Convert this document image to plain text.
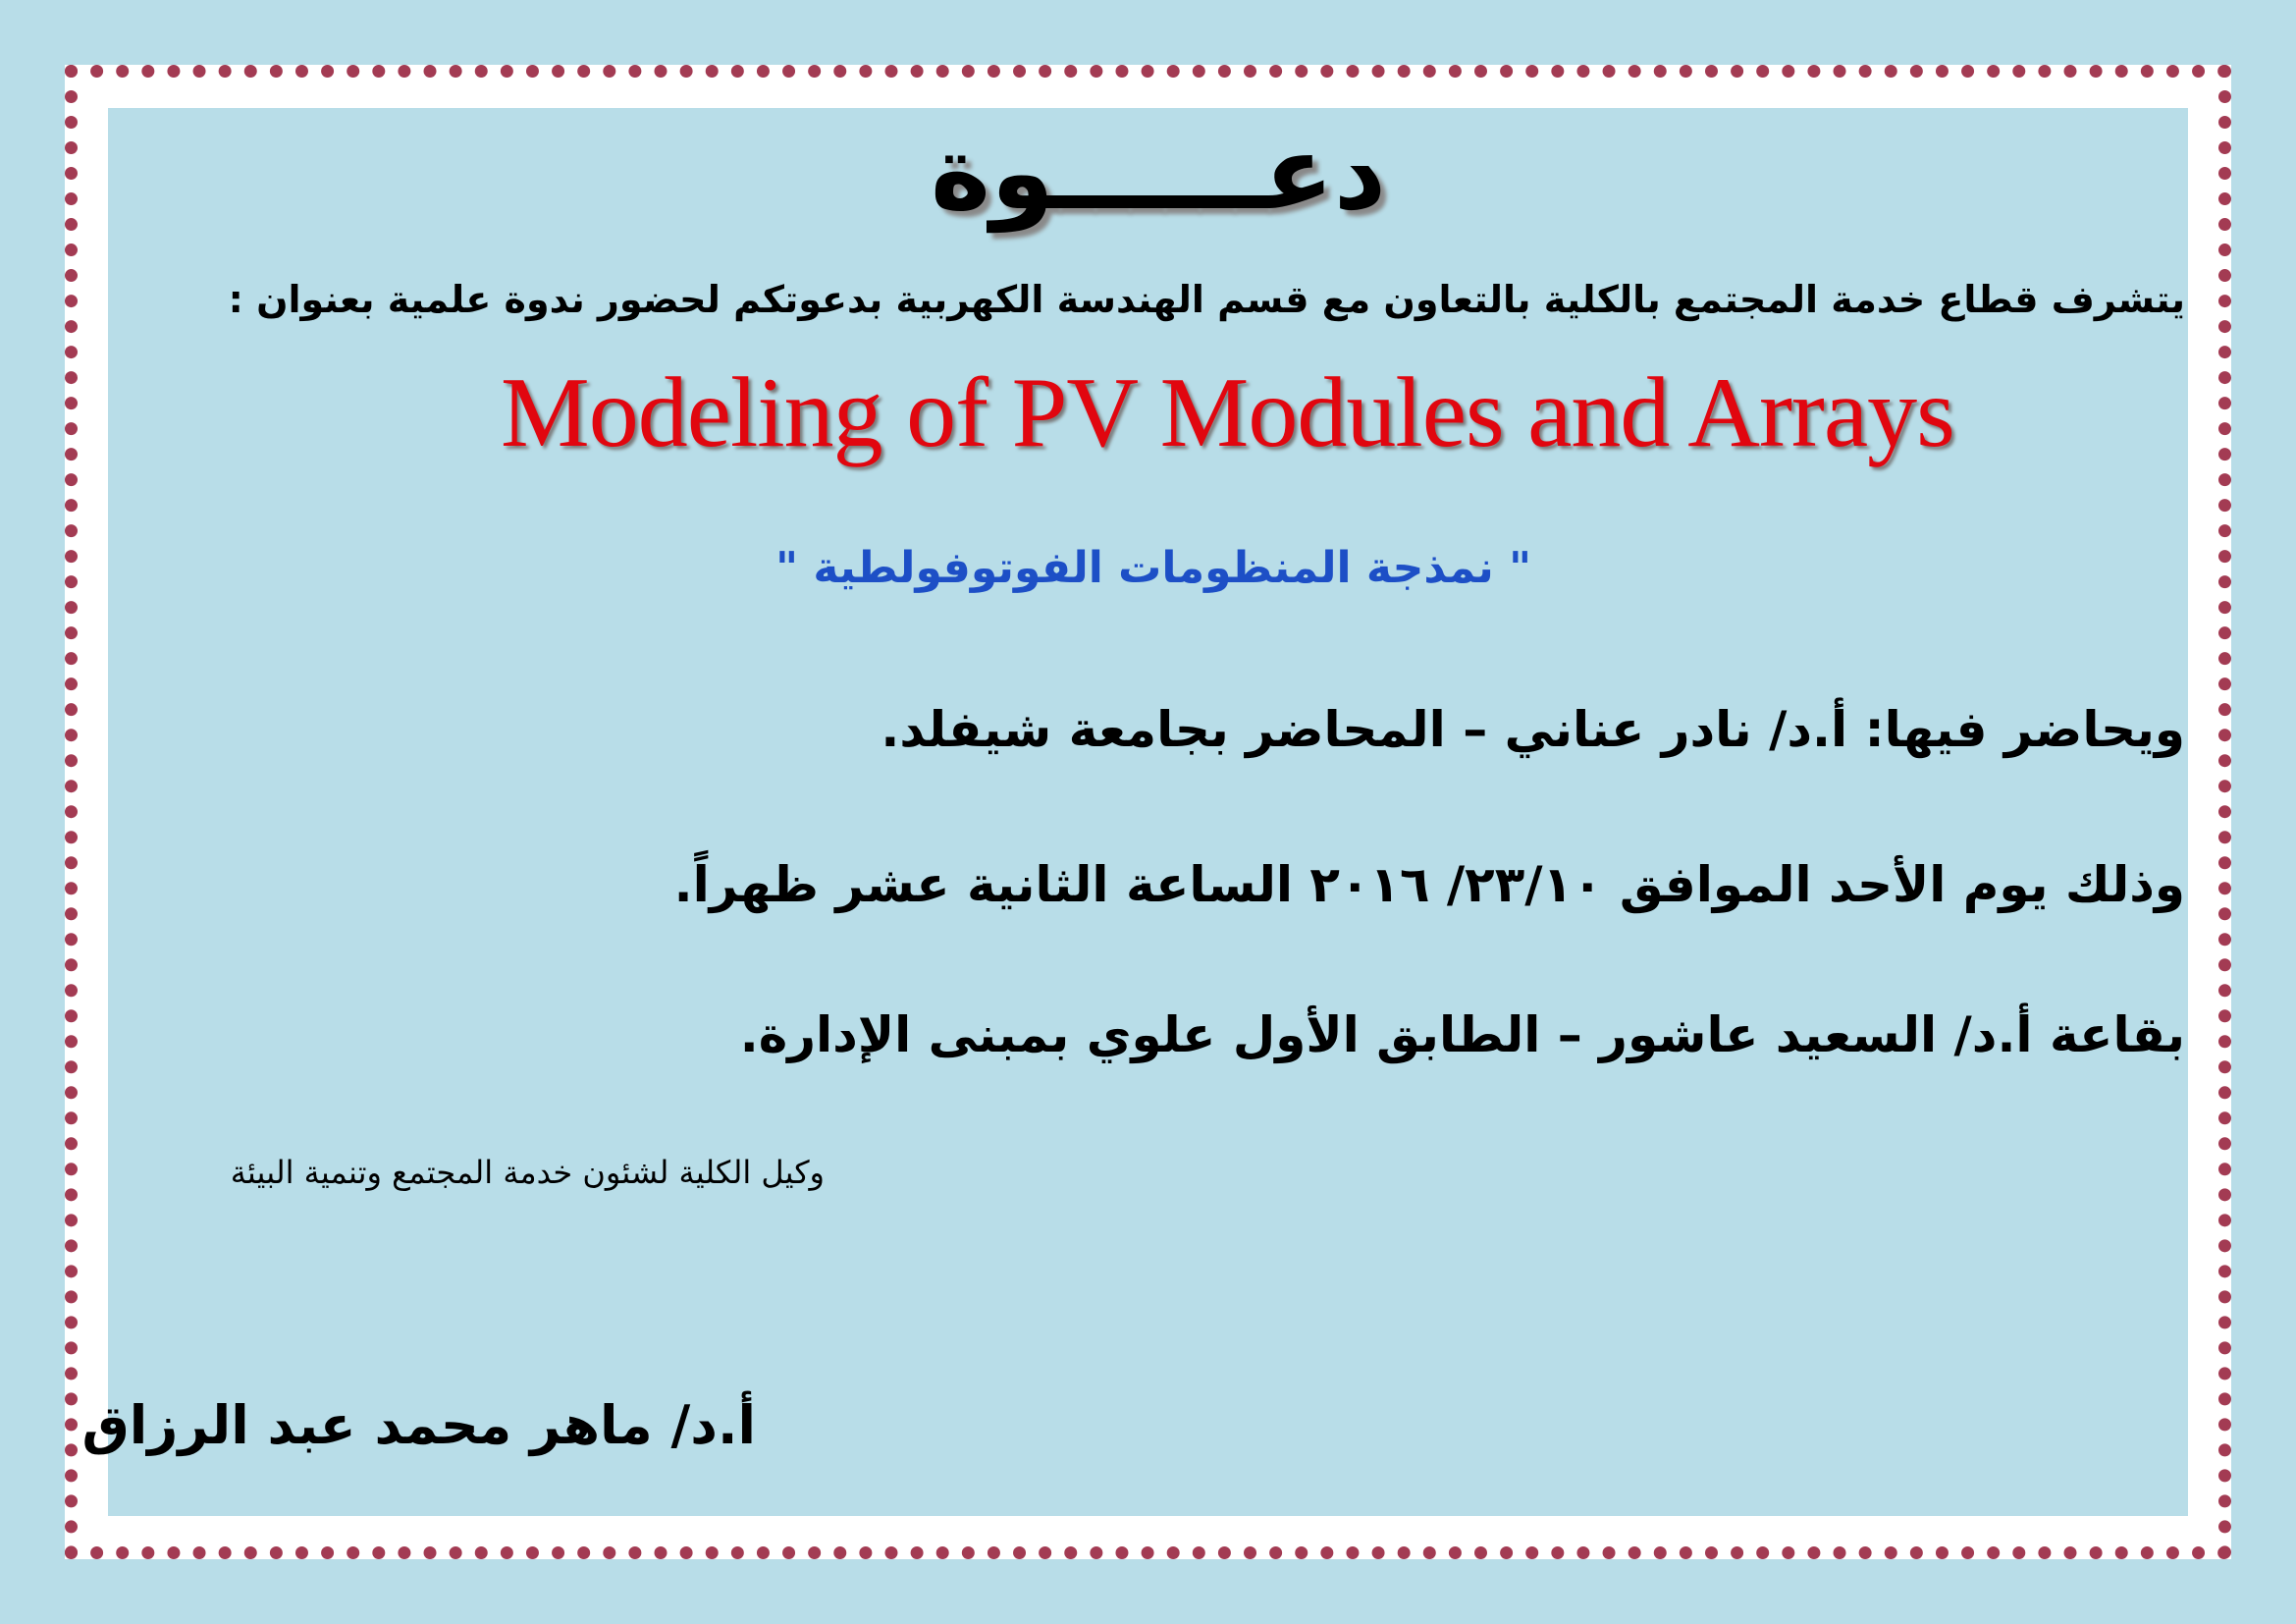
دعــــــوة
يتشرف قطاع خدمة المجتمع بالكلية بالتعاون مع قسم الهندسة الكهربية بدعوتكم لحضور ندوة علمية بعنوان :
Modeling of PV Modules and Arrays
" نمذجة المنظومات الفوتوفولطية "
ويحاضر فيها: أ.د/ نادر عناني – المحاضر بجامعة شيفلد.
وذلك يوم الأحد الموافق ٢٣/١٠/ ٢٠١٦ الساعة الثانية عشر ظهراً.
بقاعة أ.د/ السعيد عاشور – الطابق الأول علوي بمبنى الإدارة.
وكيل الكلية لشئون خدمة المجتمع وتنمية البيئة
أ.د/ ماهر محمد عبد الرزاق
